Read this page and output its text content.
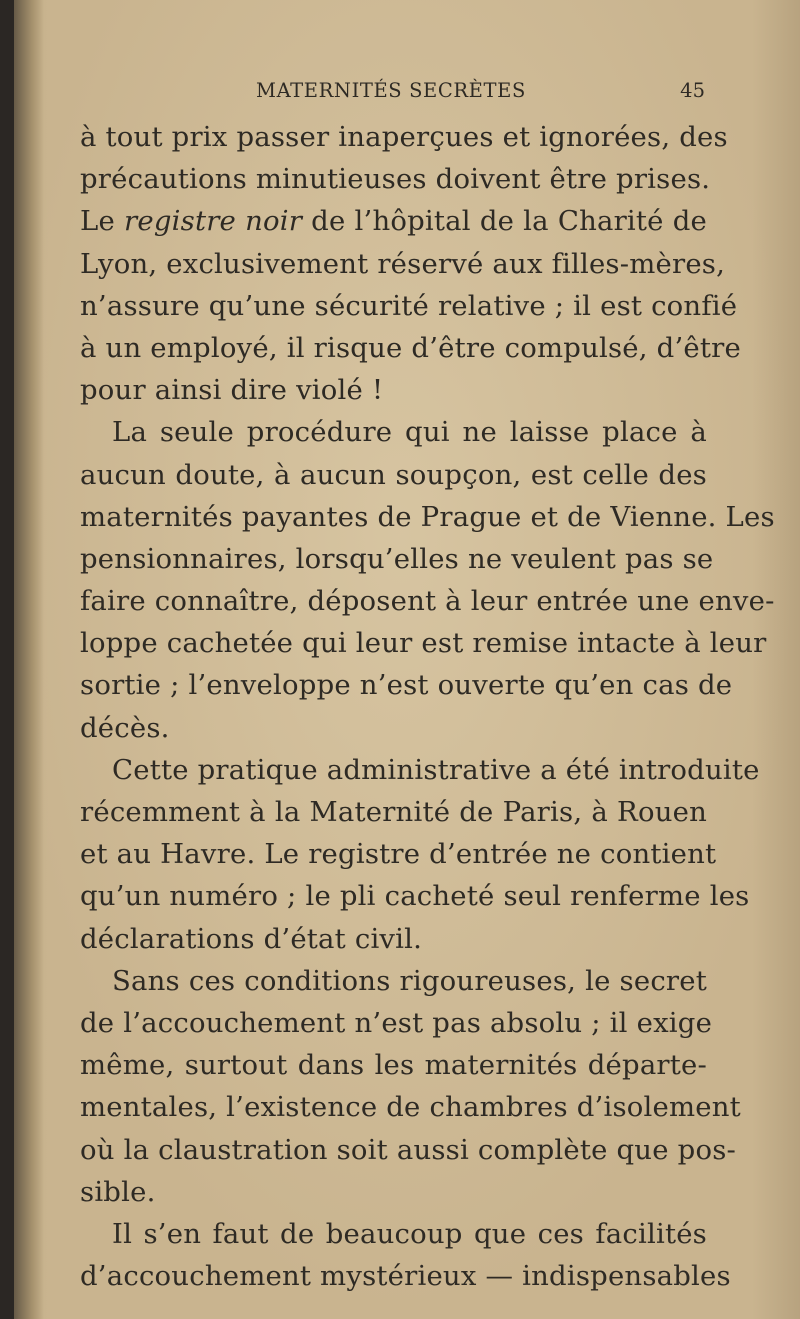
MATERNITÉS SECRÈTES	45
à tout prix passer inaperçues et ignorées, des
précautions minutieuses doivent être prises.
Le registre noir de l’hôpital de la Charité de
Lyon, exclusivement réservé aux filles-mères,
n’assure qu’une sécurité relative ; il est confié
à un employé, il risque d’être compulsé, d’être
pour ainsi dire violé !
La seule procédure qui ne laisse place à
aucun doute, à aucun soupçon, est celle des
maternités payantes de Prague et de Vienne. Les
pensionnaires, lorsqu’elles ne veulent pas se
faire connaître, déposent à leur entrée une enve-
loppe cachetée qui leur est remise intacte à leur
sortie ; l’enveloppe n’est ouverte qu’en cas de
décès.
Cette pratique administrative a été introduite
récemment à la Maternité de Paris, à Rouen
et au Havre. Le registre d’entrée ne contient
qu’un numéro ; le pli cacheté seul renferme les
déclarations d’état civil.
Sans ces conditions rigoureuses, le secret
de l’accouchement n’est pas absolu ; il exige
même, surtout dans les maternités départe-
mentales, l’existence de chambres d’isolement
où la claustration soit aussi complète que pos-
sible.
Il s’en faut de beaucoup que ces facilités
d’accouchement mystérieux — indispensables
